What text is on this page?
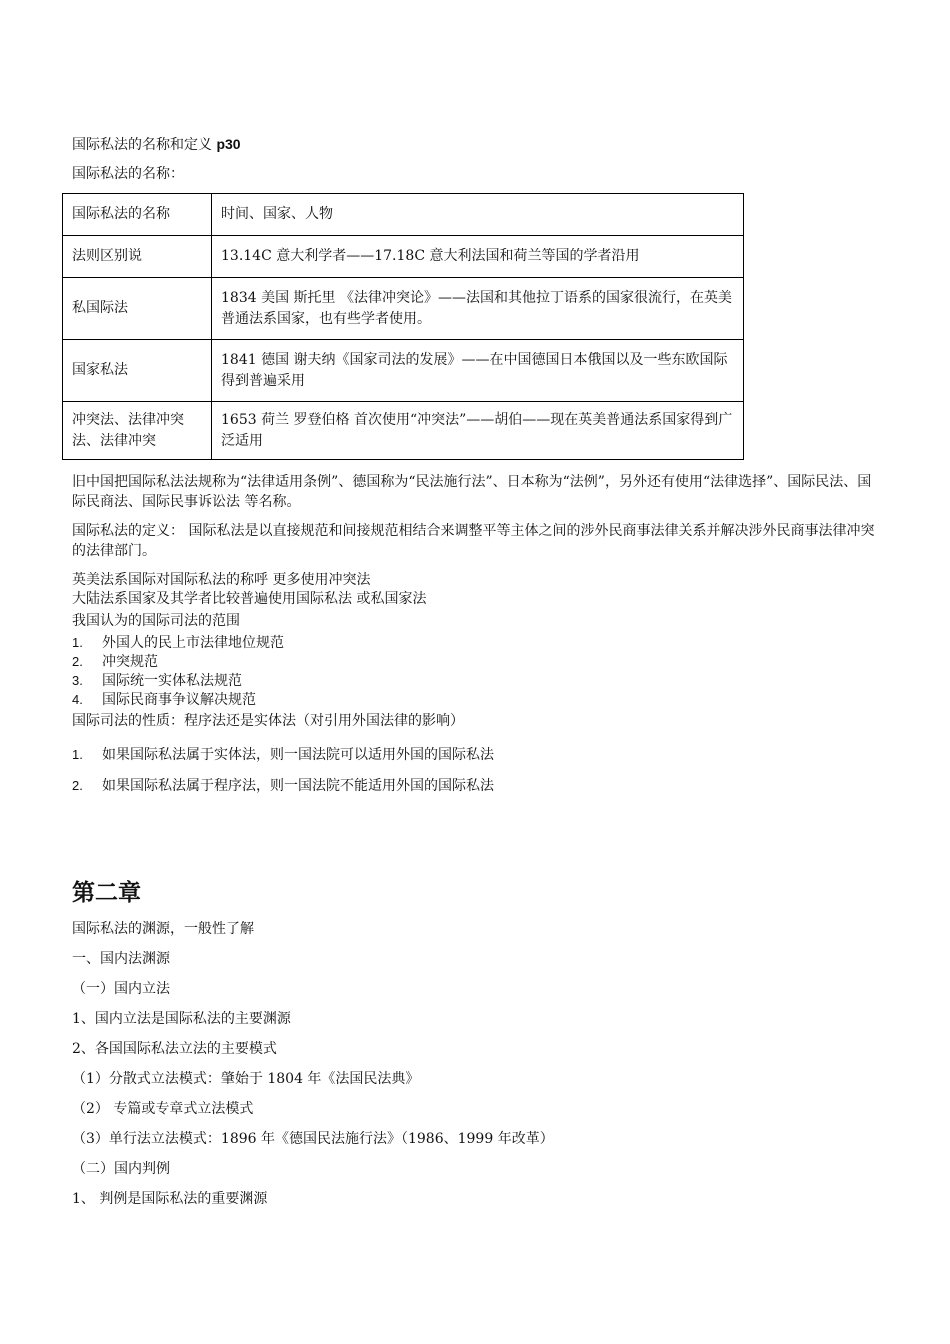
国际私法的名称和定义 p30
国际私法的名称：
国际私法的名称	时间、国家、人物
法则区别说	13.14C 意大利学者——17.18C 意大利法国和荷兰等国的学者沿用
私国际法	1834 美国 斯托里 《法律冲突论》——法国和其他拉丁语系的国家很流行，在英美普通法系国家，也有些学者使用。
国家私法	1841 德国 谢夫纳《国家司法的发展》——在中国德国日本俄国以及一些东欧国际得到普遍采用
冲突法、法律冲突法、法律冲突	1653 荷兰 罗登伯格 首次使用“冲突法”——胡伯——现在英美普通法系国家得到广泛适用
旧中国把国际私法法规称为“法律适用条例”、德国称为“民法施行法”、日本称为“法例”，另外还有使用“法律选择”、国际民法、国际民商法、国际民事诉讼法 等名称。
国际私法的定义： 国际私法是以直接规范和间接规范相结合来调整平等主体之间的涉外民商事法律关系并解决涉外民商事法律冲突的法律部门。
英美法系国际对国际私法的称呼 更多使用冲突法
大陆法系国家及其学者比较普遍使用国际私法 或私国家法
我国认为的国际司法的范围
1. 外国人的民上市法律地位规范
2. 冲突规范
3. 国际统一实体私法规范
4. 国际民商事争议解决规范
国际司法的性质：程序法还是实体法（对引用外国法律的影响）
1. 如果国际私法属于实体法，则一国法院可以适用外国的国际私法
2. 如果国际私法属于程序法，则一国法院不能适用外国的国际私法
第二章
国际私法的渊源，一般性了解
一、国内法渊源
（一）国内立法
1、国内立法是国际私法的主要渊源
2、各国国际私法立法的主要模式
（1）分散式立法模式：肇始于 1804 年《法国民法典》
（2） 专篇或专章式立法模式
（3）单行法立法模式：1896 年《德国民法施行法》（1986、1999 年改革）
（二）国内判例
1、 判例是国际私法的重要渊源
